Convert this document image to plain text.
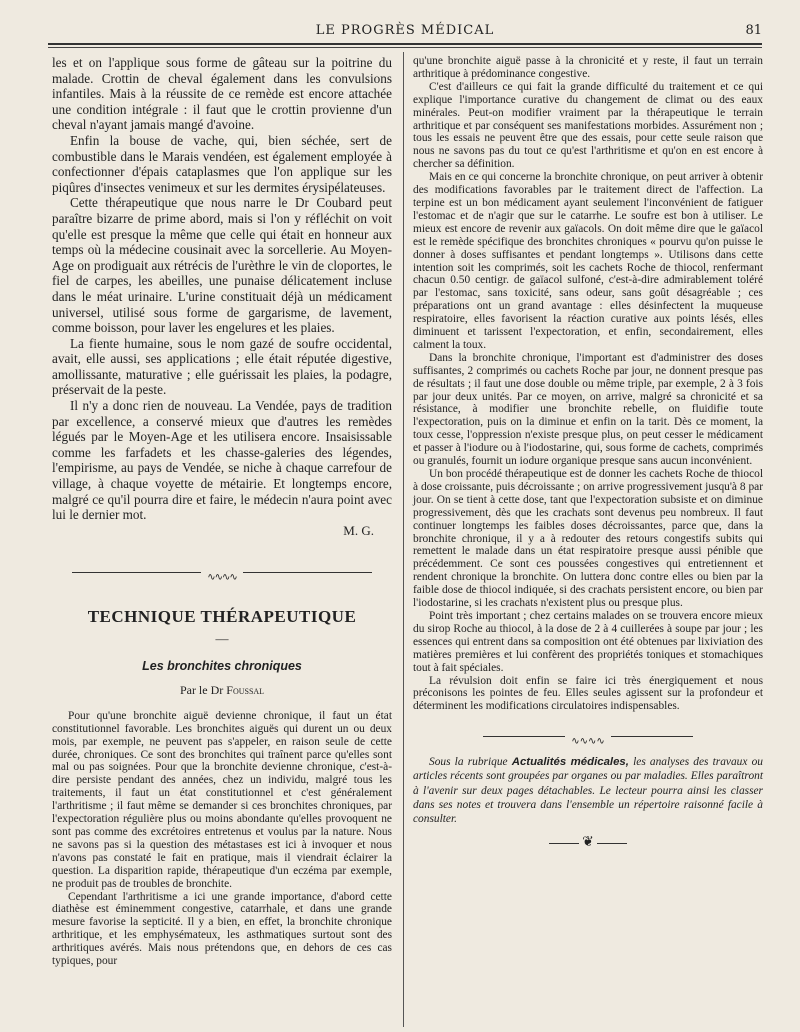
LE PROGRÈS MÉDICAL	81

les et on l'applique sous forme de gâteau sur la poitrine du malade. Crottin de cheval également dans les convulsions infantiles. Mais à la réussite de ce remède est encore attachée une condition intégrale : il faut que le crottin provienne d'un cheval n'ayant jamais mangé d'avoine.

Enfin la bouse de vache, qui, bien séchée, sert de combustible dans le Marais vendéen, est également employée à confectionner d'épais cataplasmes que l'on applique sur les piqûres d'insectes venimeux et sur les dermites érysipélateuses.

Cette thérapeutique que nous narre le Dr Coubard peut paraître bizarre de prime abord, mais si l'on y réfléchit on voit qu'elle est presque la même que celle qui était en honneur aux temps où la médecine cousinait avec la sorcellerie. Au Moyen-Age on prodiguait aux rétrécis de l'urèthre le vin de cloportes, le fiel de carpes, les abeilles, une punaise délicatement incluse dans le méat urinaire. L'urine constituait déjà un médicament universel, utilisé sous forme de gargarisme, de lavement, comme boisson, pour laver les engelures et les plaies.

La fiente humaine, sous le nom gazé de soufre occidental, avait, elle aussi, ses applications ; elle était réputée digestive, amollissante, maturative ; elle guérissait les plaies, la podagre, préservait de la peste.

Il n'y a donc rien de nouveau. La Vendée, pays de tradition par excellence, a conservé mieux que d'autres les remèdes légués par le Moyen-Age et les utilisera encore. Insaisissable comme les farfadets et les chasse-galeries des légendes, l'empirisme, au pays de Vendée, se niche à chaque carrefour de village, à chaque voyette de métairie. Et longtemps encore, malgré ce qu'il pourra dire et faire, le médecin n'aura point avec lui le dernier mot.

M. G.
∿∿∿∿
TECHNIQUE THÉRAPEUTIQUE
—
Les bronchites chroniques
Par le Dr Foussal

Pour qu'une bronchite aiguë devienne chronique, il faut un état constitutionnel favorable. Les bronchites aiguës qui durent un ou deux mois, par exemple, ne peuvent pas s'appeler, en raison seule de cette durée, chroniques. Ce sont des bronchites qui traînent parce qu'elles sont mal ou pas soignées. Pour que la bronchite devienne chronique, c'est-à-dire persiste pendant des années, chez un individu, malgré tous les traitements, il faut un état constitutionnel et c'est généralement l'arthritisme ; il faut même se demander si ces bronchites chroniques, par l'expectoration régulière plus ou moins abondante qu'elles provoquent ne sont pas comme des excrétoires entretenus et voulus par la nature. Nous ne savons pas si la question des métastases est ici à invoquer et nous n'avons pas constaté le fait en pratique, mais il viendrait éclairer la question. La disparition rapide, thérapeutique d'un eczéma par exemple, ne produit pas de troubles de bronchite.

Cependant l'arthritisme a ici une grande importance, d'abord cette diathèse est éminemment congestive, catarrhale, et dans une grande mesure favorise la septicité. Il y a bien, en effet, la bronchite chronique arthritique, et les emphysémateux, les asthmatiques surtout sont des arthritiques avérés. Mais nous prétendons que, en dehors de ces cas typiques, pour

qu'une bronchite aiguë passe à la chronicité et y reste, il faut un terrain arthritique à prédominance congestive.

C'est d'ailleurs ce qui fait la grande difficulté du traitement et ce qui explique l'importance curative du changement de climat ou des eaux minérales. Peut-on modifier vraiment par la thérapeutique le terrain arthritique et par conséquent ses manifestations morbides. Assurément non ; tous les essais ne peuvent être que des essais, pour cette seule raison que nous ne savons pas du tout ce qu'est l'arthritisme et qu'on en est encore à chercher sa définition.

Mais en ce qui concerne la bronchite chronique, on peut arriver à obtenir des modifications favorables par le traitement direct de l'affection. La terpine est un bon médicament ayant seulement l'inconvénient de fatiguer l'estomac et de n'agir que sur le catarrhe. Le soufre est bon à utiliser. Le mieux est encore de revenir aux gaïacols. On doit même dire que le gaïacol est le remède spécifique des bronchites chroniques « pourvu qu'on puisse le donner à doses suffisantes et pendant longtemps ». Utilisons dans cette intention soit les comprimés, soit les cachets Roche de thiocol, renfermant chacun 0.50 centigr. de gaïacol sulfoné, c'est-à-dire admirablement toléré par l'estomac, sans toxicité, sans odeur, sans goût désagréable ; ces préparations ont un grand avantage : elles désinfectent la muqueuse respiratoire, elles favorisent la réaction curative aux points lésés, elles diminuent et tarissent l'expectoration, et enfin, secondairement, elles calment la toux.

Dans la bronchite chronique, l'important est d'administrer des doses suffisantes, 2 comprimés ou cachets Roche par jour, ne donnent presque pas de résultats ; il faut une dose double ou même triple, par exemple, 2 à 3 fois par jour deux unités. Par ce moyen, on arrive, malgré sa chronicité et sa résistance, à modifier une bronchite rebelle, on fluidifie toute l'expectoration, puis on la diminue et enfin on la tarit. Dès ce moment, la toux cesse, l'oppression n'existe presque plus, on peut cesser le médicament et passer à l'iodure ou à l'iodostarine, qui, sous forme de cachets, comprimés ou granulés, fournit un iodure organique presque sans aucun inconvénient.

Un bon procédé thérapeutique est de donner les cachets Roche de thiocol à dose croissante, puis décroissante ; on arrive progressivement jusqu'à 8 par jour. On se tient à cette dose, tant que l'expectoration subsiste et on diminue progressivement, dès que les crachats sont devenus peu nombreux. Il faut continuer longtemps les faibles doses décroissantes, parce que, dans la bronchite chronique, il y a à redouter des retours congestifs subits qui remettent le malade dans un état respiratoire presque aussi pénible que précédemment. Ce sont ces poussées congestives qui entretiennent et rendent chronique la bronchite. On luttera donc contre elles ou bien par la faible dose de thiocol indiquée, si des crachats persistent encore, ou bien par l'iodostarine, si les crachats n'existent plus ou presque plus.

Point très important ; chez certains malades on se trouvera encore mieux du sirop Roche au thiocol, à la dose de 2 à 4 cuillerées à soupe par jour ; les essences qui entrent dans sa composition ont été obtenues par lixiviation des matières premières et lui confèrent des propriétés toniques et stomachiques tout à fait spéciales.

La révulsion doit enfin se faire ici très énergiquement et nous préconisons les pointes de feu. Elles seules agissent sur la profondeur et déterminent les modifications circulatoires indispensables.

∿∿∿∿

Sous la rubrique Actualités médicales, les analyses des travaux ou articles récents sont groupées par organes ou par maladies. Elles paraîtront à l'avenir sur deux pages détachables. Le lecteur pourra ainsi les classer dans ses notes et trouvera dans l'ensemble un répertoire raisonné facile à consulter.

❦
